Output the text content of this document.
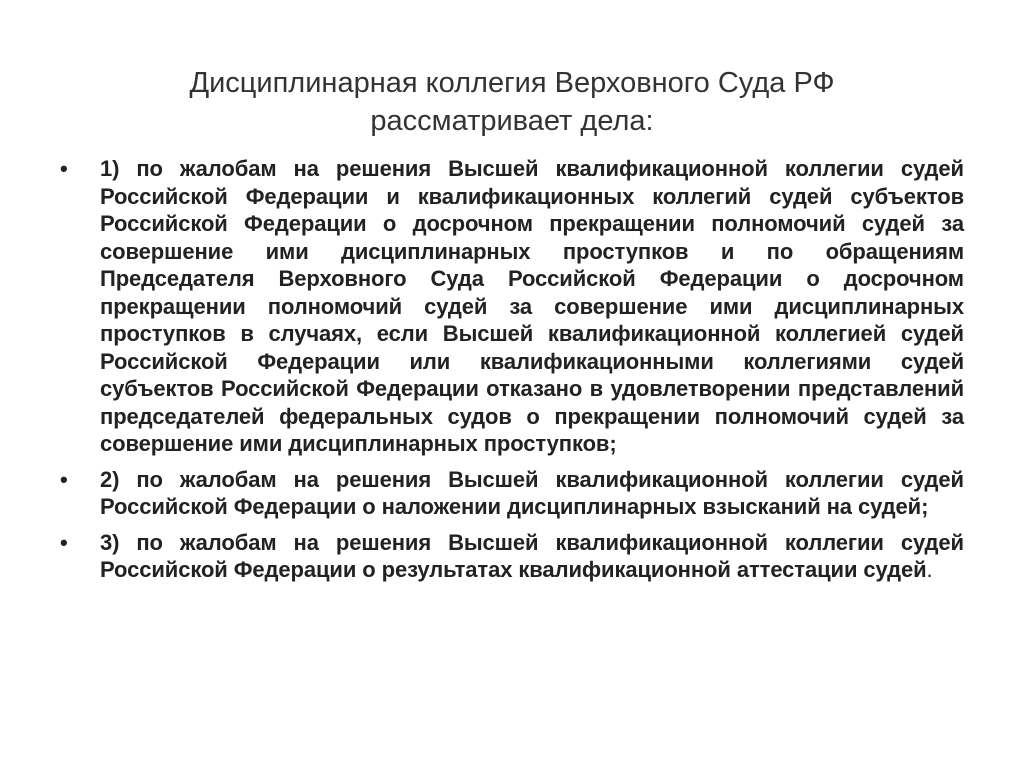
Дисциплинарная коллегия Верховного Суда РФ
рассматривает дела:
• 1) по жалобам на решения Высшей квалификационной коллегии судей Российской Федерации и квалификационных коллегий судей субъектов Российской Федерации о досрочном прекращении полномочий судей за совершение ими дисциплинарных проступков и по обращениям Председателя Верховного Суда Российской Федерации о досрочном прекращении полномочий судей за совершение ими дисциплинарных проступков в случаях, если Высшей квалификационной коллегией судей Российской Федерации или квалификационными коллегиями судей субъектов Российской Федерации отказано в удовлетворении представлений председателей федеральных судов о прекращении полномочий судей за совершение ими дисциплинарных проступков;
• 2) по жалобам на решения Высшей квалификационной коллегии судей Российской Федерации о наложении дисциплинарных взысканий на судей;
• 3) по жалобам на решения Высшей квалификационной коллегии судей Российской Федерации о результатах квалификационной аттестации судей.
